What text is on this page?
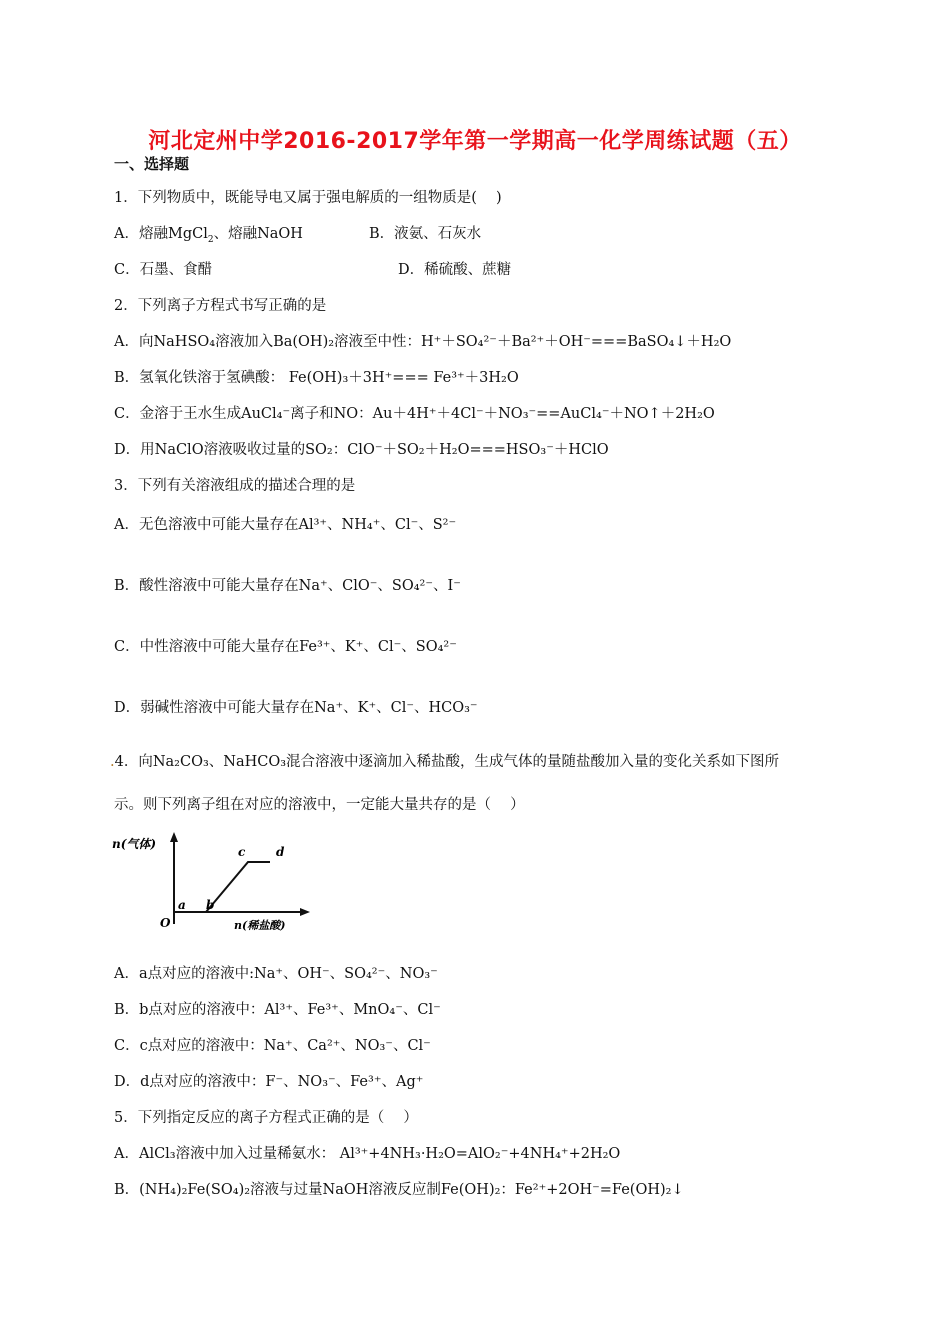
河北定州中学2016-2017学年第一学期高一化学周练试题（五）
一、选择题
1．下列物质中，既能导电又属于强电解质的一组物质是(　 )
A．熔融MgCl$_2$、熔融NaOH	B．液氨、石灰水
C．石墨、食醋	D．稀硫酸、蔗糖
2．下列离子方程式书写正确的是
A．向NaHSO₄溶液加入Ba(OH)₂溶液至中性：H⁺＋SO₄²⁻＋Ba²⁺＋OH⁻===BaSO₄↓＋H₂O
B．氢氧化铁溶于氢碘酸： Fe(OH)₃＋3H⁺=== Fe³⁺＋3H₂O
C．金溶于王水生成AuCl₄⁻离子和NO：Au＋4H⁺＋4Cl⁻＋NO₃⁻==AuCl₄⁻＋NO↑＋2H₂O
D．用NaClO溶液吸收过量的SO₂：ClO⁻＋SO₂＋H₂O===HSO₃⁻＋HClO
3．下列有关溶液组成的描述合理的是
A．无色溶液中可能大量存在Al³⁺、NH₄⁺、Cl⁻、S²⁻
B．酸性溶液中可能大量存在Na⁺、ClO⁻、SO₄²⁻、I⁻
C．中性溶液中可能大量存在Fe³⁺、K⁺、Cl⁻、SO₄²⁻
D．弱碱性溶液中可能大量存在Na⁺、K⁺、Cl⁻、HCO₃⁻
.4．向Na₂CO₃、NaHCO₃混合溶液中逐滴加入稀盐酸，生成气体的量随盐酸加入量的变化关系如下图所
示。则下列离子组在对应的溶液中，一定能大量共存的是（　 ）
n(气体)
n(稀盐酸)
O
a b
c	d
A．a点对应的溶液中:Na⁺、OH⁻、SO₄²⁻、NO₃⁻
B．b点对应的溶液中：Al³⁺、Fe³⁺、MnO₄⁻、Cl⁻
C．c点对应的溶液中：Na⁺、Ca²⁺、NO₃⁻、Cl⁻
D．d点对应的溶液中：F⁻、NO₃⁻、Fe³⁺、Ag⁺
5．下列指定反应的离子方程式正确的是（　 ）
A．AlCl₃溶液中加入过量稀氨水： Al³⁺+4NH₃·H₂O=AlO₂⁻+4NH₄⁺+2H₂O
B．(NH₄)₂Fe(SO₄)₂溶液与过量NaOH溶液反应制Fe(OH)₂：Fe²⁺+2OH⁻=Fe(OH)₂↓
